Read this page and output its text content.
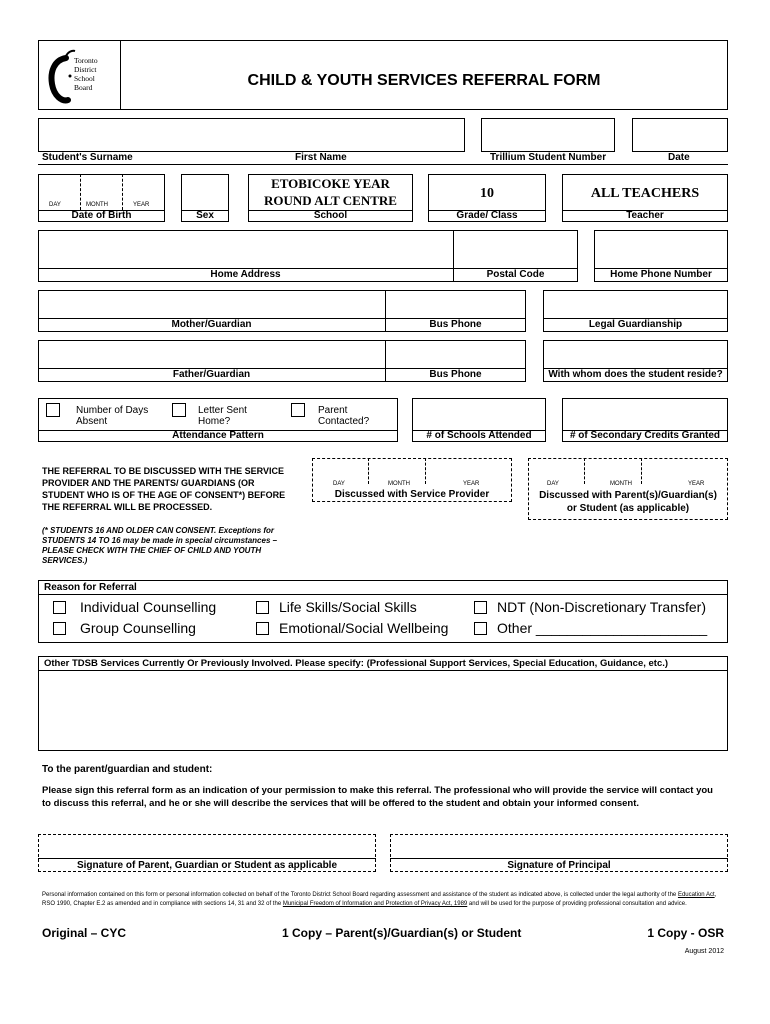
Toronto
District
School
Board	CHILD & YOUTH SERVICES REFERRAL FORM
Student's Surname	First Name	Trillium Student Number	Date
DAY	MONTH	YEAR
Date of Birth	Sex
ETOBICOKE YEAR
ROUND ALT CENTRE
School
10
Grade/ Class
ALL TEACHERS
Teacher
Home Address	Postal Code	Home Phone Number
Mother/Guardian	Bus Phone	Legal Guardianship
Father/Guardian	Bus Phone	With whom does the student reside?
Number of Days
Absent
Letter Sent
Home?
Parent
Contacted?
Attendance Pattern	# of Schools Attended	# of Secondary Credits Granted
THE REFERRAL TO BE DISCUSSED WITH THE SERVICE PROVIDER AND THE PARENTS/ GUARDIANS (OR STUDENT WHO IS OF THE AGE OF CONSENT*) BEFORE THE REFERRAL WILL BE PROCESSED.
(* STUDENTS 16 AND OLDER CAN CONSENT. Exceptions for STUDENTS 14 TO 16 may be made in special circumstances – PLEASE CHECK WITH THE CHIEF OF CHILD AND YOUTH SERVICES.)
DAY	MONTH	YEAR
Discussed with Service Provider
DAY	MONTH	YEAR
Discussed with Parent(s)/Guardian(s)
or Student (as applicable)
Reason for Referral
Individual Counselling	Life Skills/Social Skills	NDT (Non-Discretionary Transfer)
Group Counselling	Emotional/Social Wellbeing	Other ______________________
Other TDSB Services Currently Or Previously Involved. Please specify: (Professional Support Services, Special Education, Guidance, etc.)
To the parent/guardian and student:
Please sign this referral form as an indication of your permission to make this referral. The professional who will provide the service will contact you to discuss this referral, and he or she will describe the services that will be offered to the student and obtain your informed consent.
Signature of Parent, Guardian or Student as applicable	Signature of Principal
Personal information contained on this form or personal information collected on behalf of the Toronto District School Board regarding assessment and assistance of the student as indicated above, is collected under the legal authority of the Education Act, RSO 1990, Chapter E.2 as amended and in compliance with sections 14, 31 and 32 of the Municipal Freedom of Information and Protection of Privacy Act, 1989 and will be used for the purpose of providing professional consultation and advice.
Original – CYC	1 Copy – Parent(s)/Guardian(s) or Student	1 Copy - OSR
August 2012
